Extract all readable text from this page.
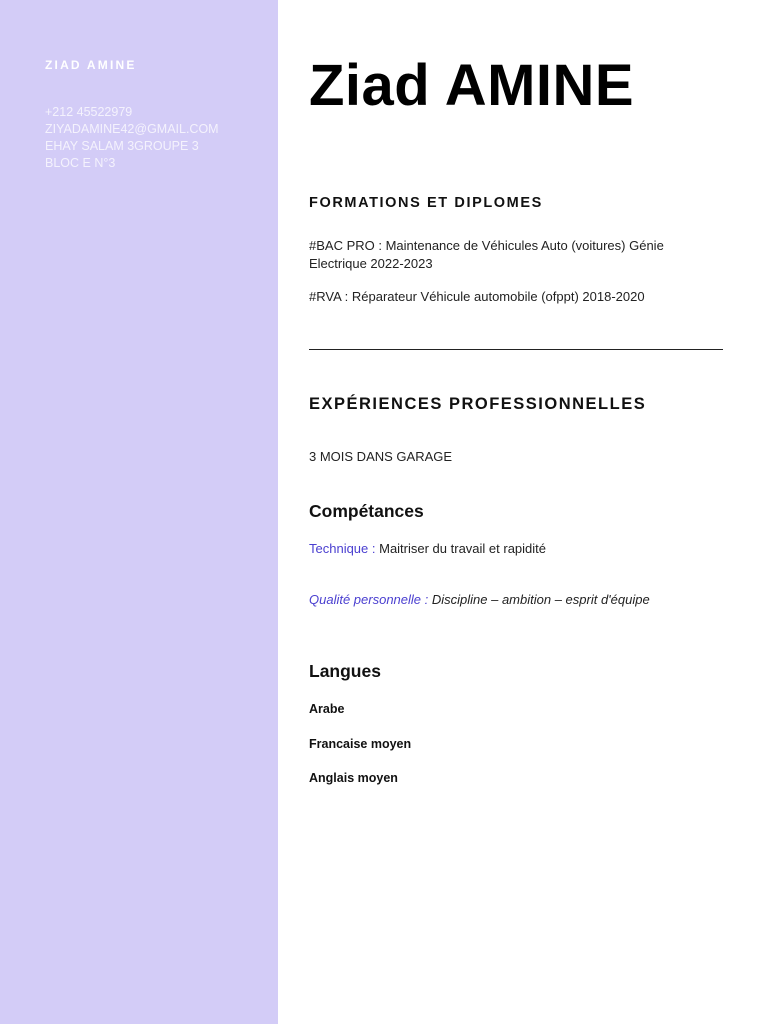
ZIAD AMINE
+212 45522979
ZIYADAMINE42@GMAIL.COM
EHAY SALAM 3GROUPE 3
BLOC E N°3
Ziad AMINE
FORMATIONS ET DIPLOMES
#BAC PRO : Maintenance de Véhicules Auto (voitures) Génie Electrique 2022-2023
#RVA : Réparateur Véhicule automobile (ofppt) 2018-2020
EXPÉRIENCES PROFESSIONNELLES
3 MOIS DANS GARAGE
Compétances
Technique : Maitriser du travail et rapidité
Qualité personnelle : Discipline – ambition – esprit d'équipe
Langues
Arabe
Francaise moyen
Anglais moyen
